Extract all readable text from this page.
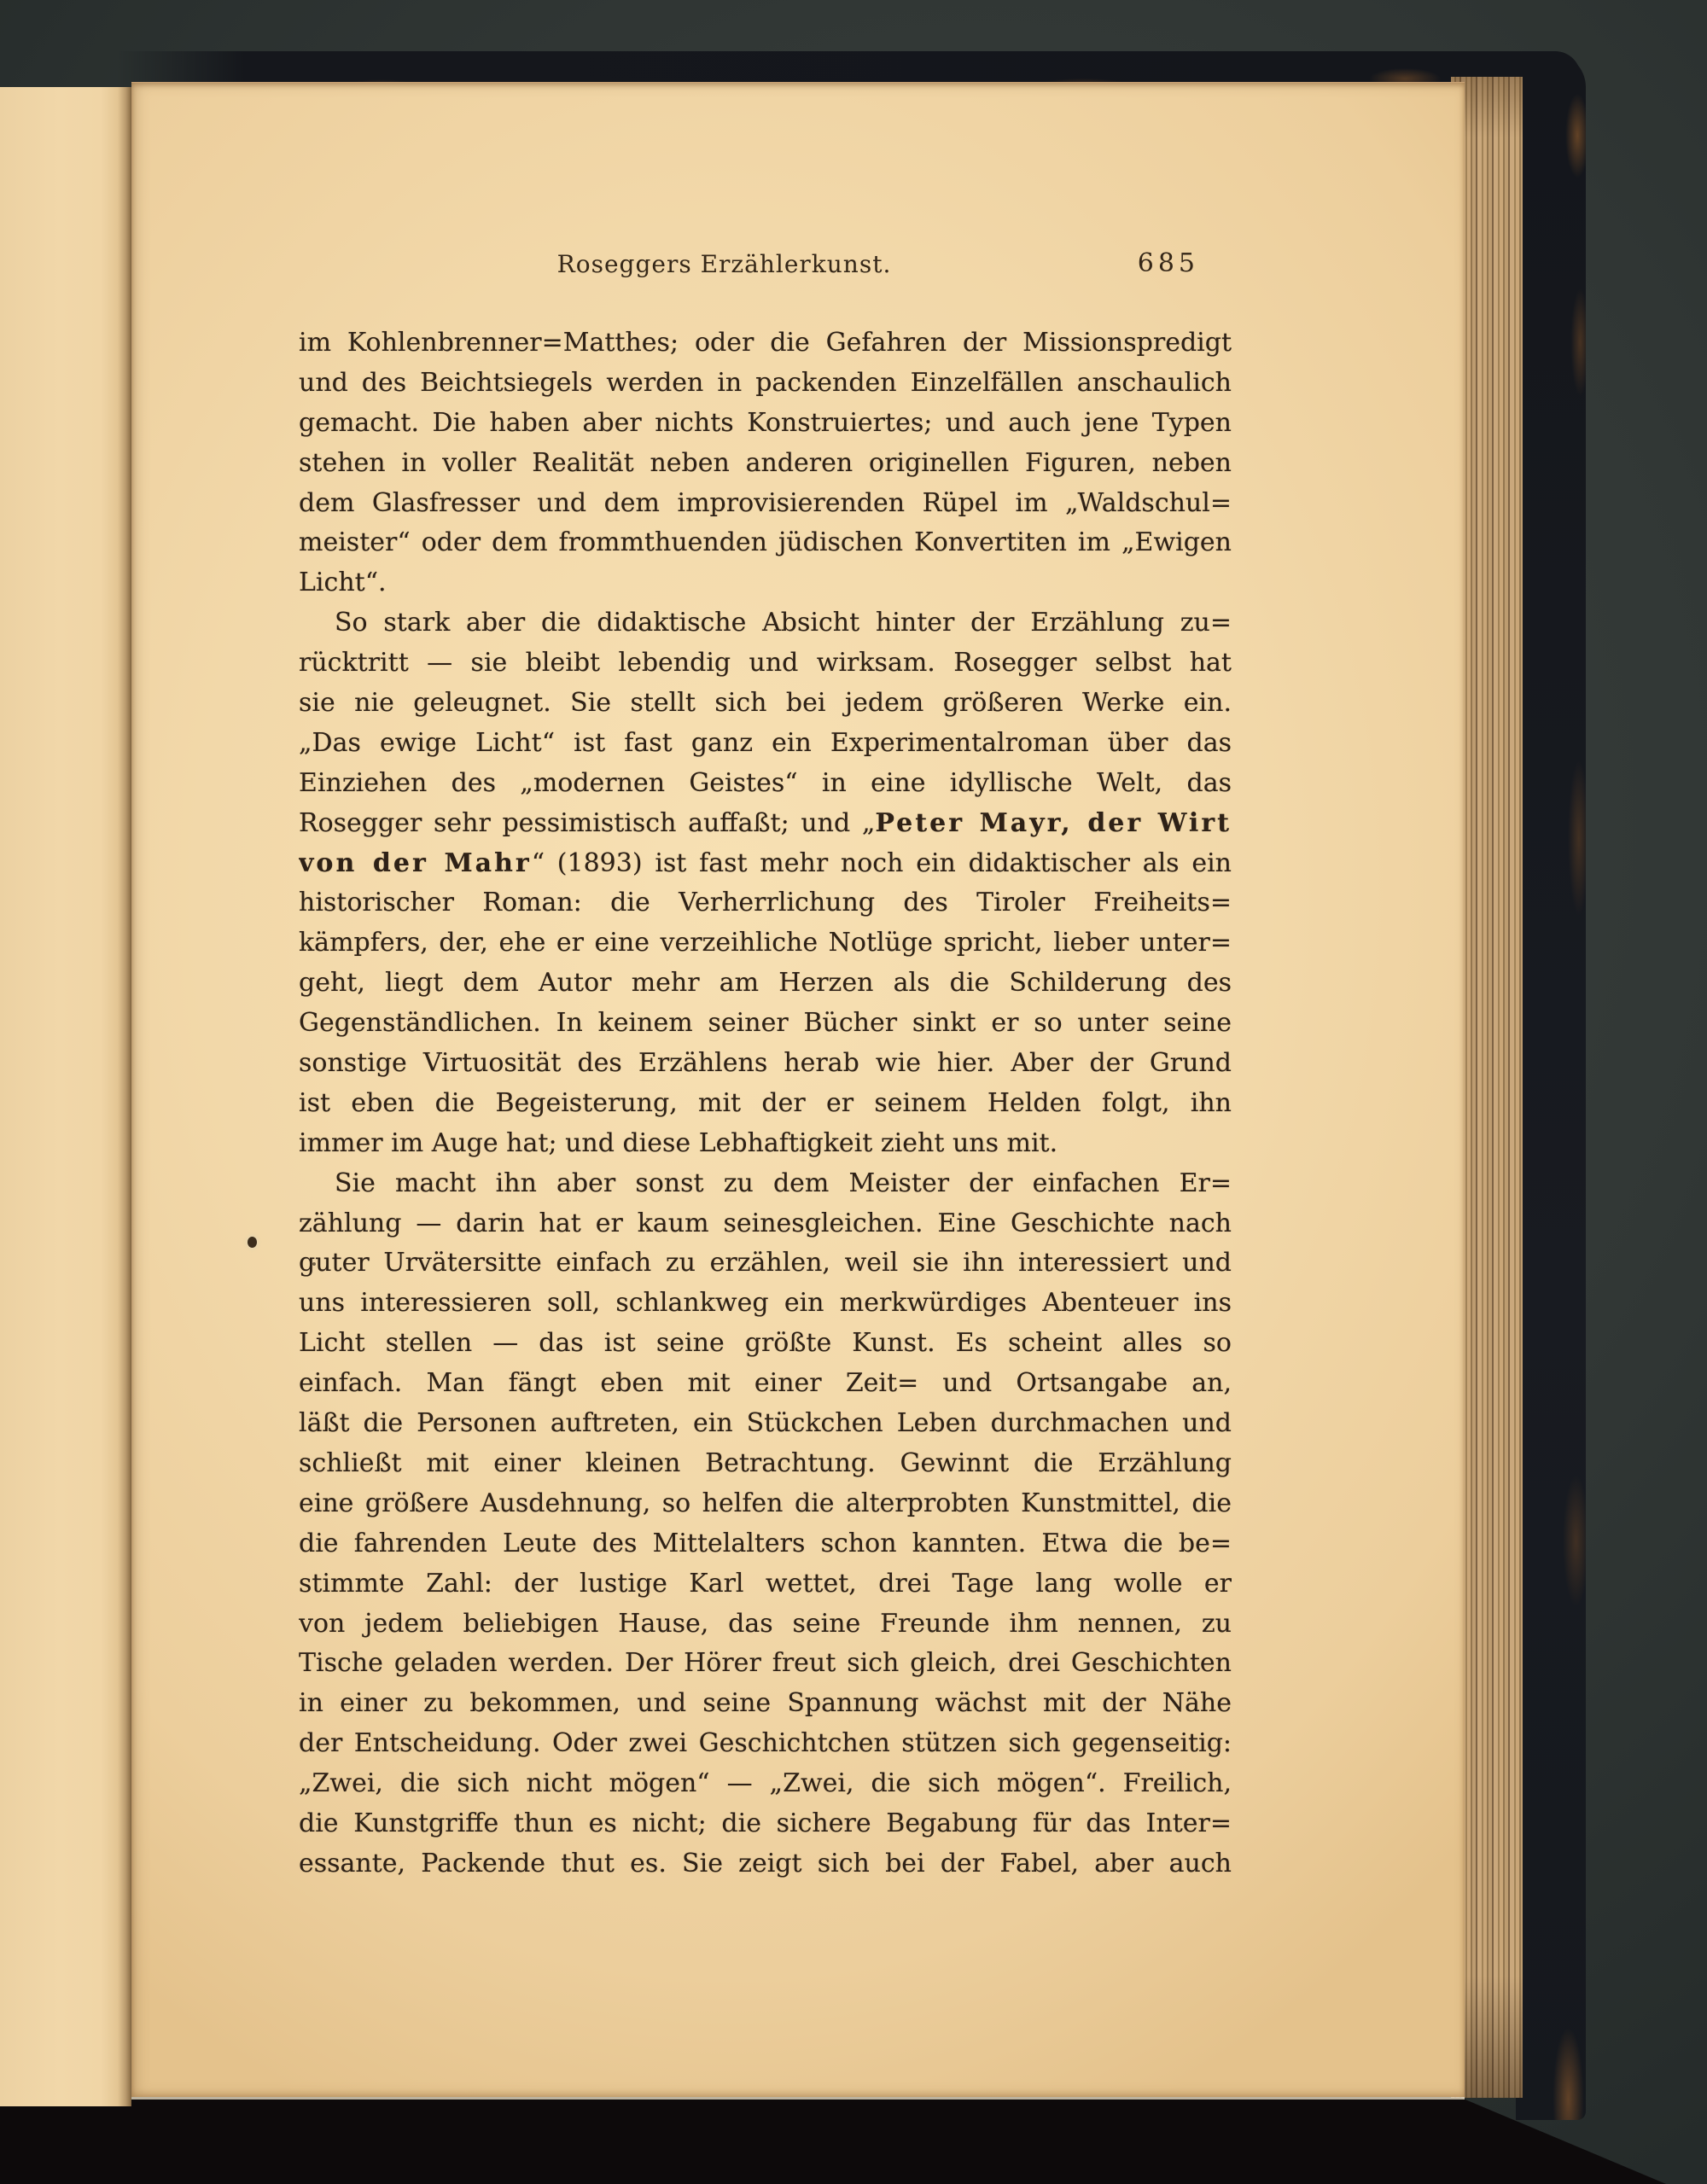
Roseggers Erzählerkunst.	685
im Kohlenbrenner=Matthes; oder die Gefahren der Missionspredigt
und des Beichtsiegels werden in packenden Einzelfällen anschaulich
gemacht. Die haben aber nichts Konstruiertes; und auch jene Typen
stehen in voller Realität neben anderen originellen Figuren, neben
dem Glasfresser und dem improvisierenden Rüpel im „Waldschul=
meister“ oder dem frommthuenden jüdischen Konvertiten im „Ewigen
Licht“.
So stark aber die didaktische Absicht hinter der Erzählung zu=
rücktritt — sie bleibt lebendig und wirksam. Rosegger selbst hat
sie nie geleugnet. Sie stellt sich bei jedem größeren Werke ein.
„Das ewige Licht“ ist fast ganz ein Experimentalroman über das
Einziehen des „modernen Geistes“ in eine idyllische Welt, das
Rosegger sehr pessimistisch auffaßt; und „Peter Mayr, der Wirt
von der Mahr“ (1893) ist fast mehr noch ein didaktischer als ein
historischer Roman: die Verherrlichung des Tiroler Freiheits=
kämpfers, der, ehe er eine verzeihliche Notlüge spricht, lieber unter=
geht, liegt dem Autor mehr am Herzen als die Schilderung des
Gegenständlichen. In keinem seiner Bücher sinkt er so unter seine
sonstige Virtuosität des Erzählens herab wie hier. Aber der Grund
ist eben die Begeisterung, mit der er seinem Helden folgt, ihn
immer im Auge hat; und diese Lebhaftigkeit zieht uns mit.
Sie macht ihn aber sonst zu dem Meister der einfachen Er=
zählung — darin hat er kaum seinesgleichen. Eine Geschichte nach
guter Urvätersitte einfach zu erzählen, weil sie ihn interessiert und
uns interessieren soll, schlankweg ein merkwürdiges Abenteuer ins
Licht stellen — das ist seine größte Kunst. Es scheint alles so
einfach. Man fängt eben mit einer Zeit= und Ortsangabe an,
läßt die Personen auftreten, ein Stückchen Leben durchmachen und
schließt mit einer kleinen Betrachtung. Gewinnt die Erzählung
eine größere Ausdehnung, so helfen die alterprobten Kunstmittel, die
die fahrenden Leute des Mittelalters schon kannten. Etwa die be=
stimmte Zahl: der lustige Karl wettet, drei Tage lang wolle er
von jedem beliebigen Hause, das seine Freunde ihm nennen, zu
Tische geladen werden. Der Hörer freut sich gleich, drei Geschichten
in einer zu bekommen, und seine Spannung wächst mit der Nähe
der Entscheidung. Oder zwei Geschichtchen stützen sich gegenseitig:
„Zwei, die sich nicht mögen“ — „Zwei, die sich mögen“. Freilich,
die Kunstgriffe thun es nicht; die sichere Begabung für das Inter=
essante, Packende thut es. Sie zeigt sich bei der Fabel, aber auch
